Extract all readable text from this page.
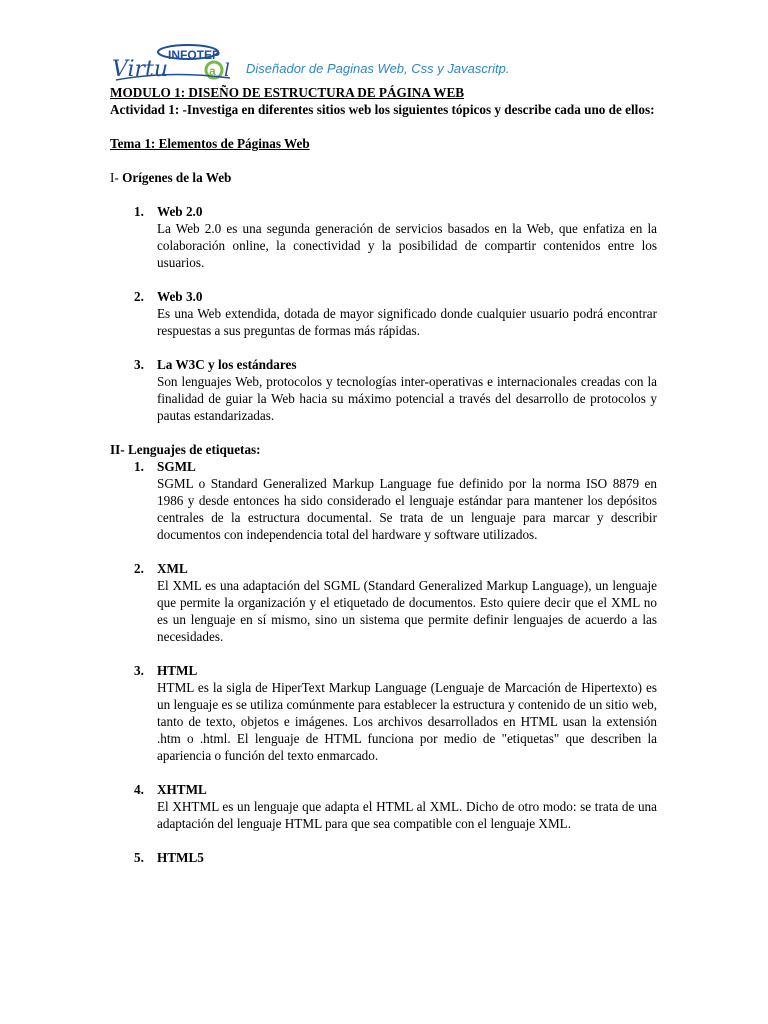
INFOTEP
Virtu	a l Diseñador de Paginas Web, Css y Javascritp.

MODULO 1: DISEÑO DE ESTRUCTURA DE PÁGINA WEB

Actividad 1: -Investiga en diferentes sitios web los siguientes tópicos y describe cada uno de ellos:

Tema 1: Elementos de Páginas Web

I- Orígenes de la Web

1. Web 2.0
La Web 2.0 es una segunda generación de servicios basados en la Web, que enfatiza en la colaboración online, la conectividad y la posibilidad de compartir contenidos entre los usuarios.
2. Web 3.0
Es una Web extendida, dotada de mayor significado donde cualquier usuario podrá encontrar respuestas a sus preguntas de formas más rápidas.
3. La W3C y los estándares
Son lenguajes Web, protocolos y tecnologías inter-operativas e internacionales creadas con la finalidad de guiar la Web hacia su máximo potencial a través del desarrollo de protocolos y pautas estandarizadas.

II- Lenguajes de etiquetas:

1. SGML
SGML o Standard Generalized Markup Language fue definido por la norma ISO 8879 en 1986 y desde entonces ha sido considerado el lenguaje estándar para mantener los depósitos centrales de la estructura documental. Se trata de un lenguaje para marcar y describir documentos con independencia total del hardware y software utilizados.
2. XML
El XML es una adaptación del SGML (Standard Generalized Markup Language), un lenguaje que permite la organización y el etiquetado de documentos. Esto quiere decir que el XML no es un lenguaje en sí mismo, sino un sistema que permite definir lenguajes de acuerdo a las necesidades.
3. HTML
HTML es la sigla de HiperText Markup Language (Lenguaje de Marcación de Hipertexto) es un lenguaje es se utiliza comúnmente para establecer la estructura y contenido de un sitio web, tanto de texto, objetos e imágenes. Los archivos desarrollados en HTML usan la extensión .htm o .html. El lenguaje de HTML funciona por medio de "etiquetas" que describen la apariencia o función del texto enmarcado.
4. XHTML
El XHTML es un lenguaje que adapta el HTML al XML. Dicho de otro modo: se trata de una adaptación del lenguaje HTML para que sea compatible con el lenguaje XML.
5. HTML5
